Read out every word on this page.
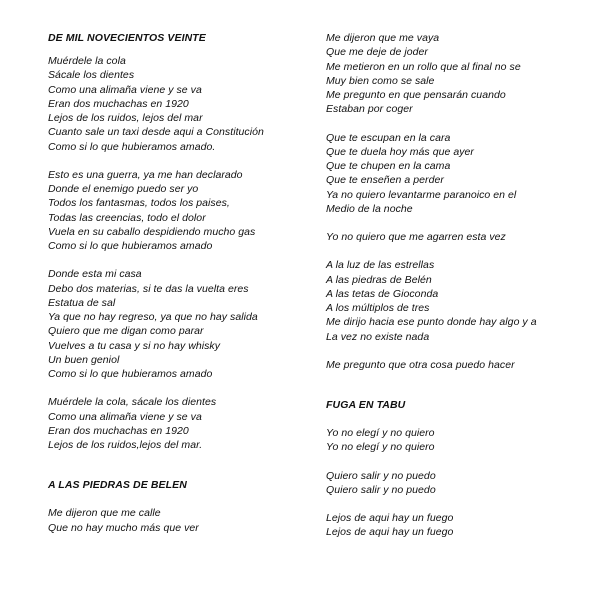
DE MIL NOVECIENTOS VEINTE
Muérdele la cola
Sácale los dientes
Como una alimaña viene y se va
Eran dos muchachas en 1920
Lejos de los ruidos, lejos del mar
Cuanto sale un taxi desde aqui a Constitución
Como si lo que hubieramos amado.
Esto es una guerra, ya me han declarado
Donde el enemigo puedo ser yo
Todos los fantasmas, todos los paises,
Todas las creencias, todo el dolor
Vuela en su caballo despidiendo mucho gas
Como si lo que hubieramos amado
Donde esta mi casa
Debo dos materias, si te das la vuelta eres
Estatua de sal
Ya que no hay regreso, ya que no hay salida
Quiero que me digan como parar
Vuelves a tu casa y si no hay whisky
Un buen geniol
Como si lo que hubieramos amado
Muérdele la cola, sácale los dientes
Como una alimaña viene y se va
Eran dos muchachas en 1920
Lejos de los ruidos,lejos del mar.
A LAS PIEDRAS DE BELEN
Me dijeron que me calle
Que no hay mucho más que ver
Me dijeron que me vaya
Que me deje de joder
Me metieron en un rollo que al final no se
Muy bien como se sale
Me pregunto en que pensarán cuando
Estaban por coger
Que te escupan en la cara
Que te duela hoy más que ayer
Que te chupen en la cama
Que te enseñen a perder
Ya no quiero levantarme paranoico en el
Medio de la noche
Yo no quiero que me agarren esta vez
A la luz de las estrellas
A las piedras de Belén
A las tetas de Gioconda
A los múltiplos de tres
Me dirijo hacia ese punto donde hay algo y a
La vez no existe nada
Me pregunto que otra cosa puedo hacer
FUGA EN TABU
Yo no elegí y no quiero
Yo no elegí y no quiero
Quiero salir y no puedo
Quiero salir y no puedo
Lejos de aqui hay un fuego
Lejos de aqui hay un fuego
